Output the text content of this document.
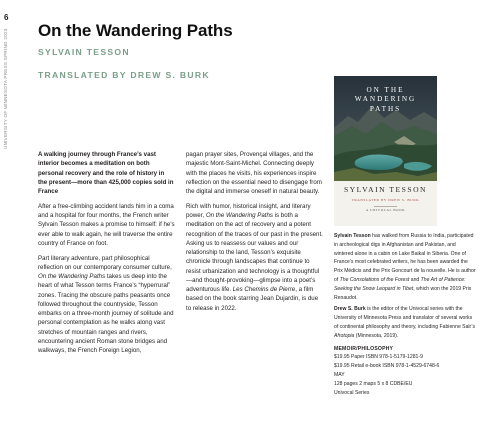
6
UNIVERSITY OF MINNESOTA PRESS SPRING 2023 On the Wandering Paths
SYLVAIN TESSON
TRANSLATED BY DREW S. BURK

A walking journey through France’s vast interior becomes a meditation on both personal recovery and the role of history in the present—more than 425,000 copies sold in France

After a free-climbing accident lands him in a coma and a hospital for four months, the French writer Sylvain Tesson makes a promise to himself: if he’s ever able to walk again, he will traverse the entire country of France on foot.

Part literary adventure, part philosophical reflection on our contemporary consumer culture, On the Wandering Paths takes us deep into the heart of what Tesson terms France’s “hyperrural” zones. Tracing the obscure paths peasants once followed throughout the countryside, Tesson embarks on a three-month journey of solitude and personal contemplation as he walks along vast stretches of mountain ranges and rivers, encountering ancient Roman stone bridges and walkways, the French Foreign Legion,

pagan prayer sites, Provençal villages, and the majestic Mont-Saint-Michel. Connecting deeply with the places he visits, his experiences inspire reflection on the essential need to disengage from the digital and immerse oneself in natural beauty.

Rich with humor, historical insight, and literary power, On the Wandering Paths is both a meditation on the act of recovery and a potent recognition of the traces of our past in the present. Asking us to reassess our values and our relationship to the land, Tesson’s exquisite chronicle through landscapes that continue to resist urbanization and technology is a thoughtful—and thought-provoking—glimpse into a poet’s adventurous life. Les Chemins de Pierre, a film based on the book starring Jean Dujardin, is due to release in 2022.

ON THE
WANDERING
PATHS
SYLVAIN TESSON
TRANSLATED BY DREW S. BURK
A UNIVOCAL BOOK

Sylvain Tesson has walked from Russia to India, participated in archeological digs in Afghanistan and Pakistan, and wintered alone in a cabin on Lake Baikal in Siberia. One of France’s most celebrated writers, he has been awarded the Prix Médicis and the Prix Goncourt de la nouvelle. He is author of The Consolations of the Forest and The Art of Patience: Seeking the Snow Leopard in Tibet, which won the 2019 Prix Renaudot.

Drew S. Burk is the editor of the Univocal series with the University of Minnesota Press and translator of several works of continental philosophy and theory, including Fabienne Salr’s Afrotopia (Minnesota, 2019).

MEMOIR/PHILOSOPHY

$19.95 Paper ISBN 978-1-5179-1281-9
$19.95 Retail e-book ISBN 978-1-4529-6748-6
MAY
128 pages 2 maps 5 x 8 CDBE/EU
Univocal Series
